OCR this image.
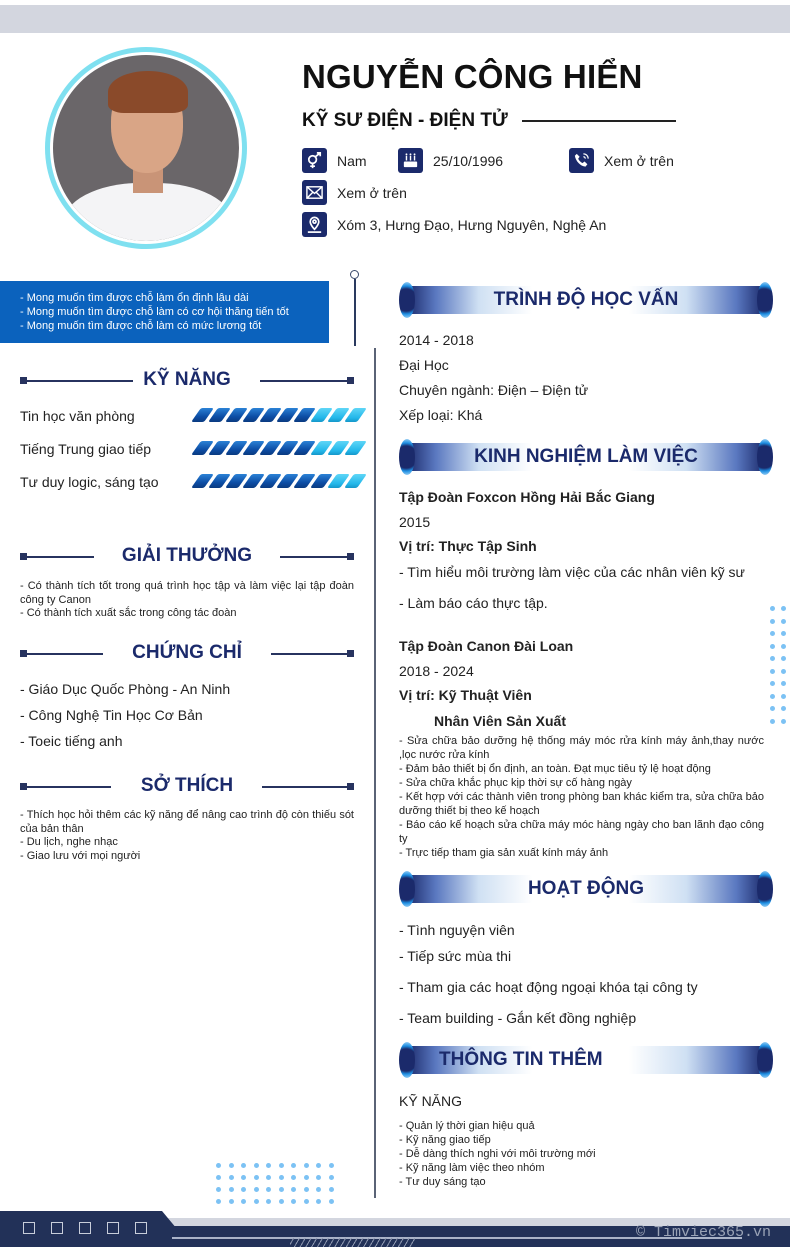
NGUYỄN CÔNG HIỂN
KỸ SƯ ĐIỆN - ĐIỆN TỬ
Nam	25/10/1996	Xem ở trên
Xem ở trên
Xóm 3, Hưng Đạo, Hưng Nguyên, Nghệ An
- Mong muốn tìm được chỗ làm ổn định lâu dài
- Mong muốn tìm được chỗ làm có cơ hội thăng tiến tốt
- Mong muốn tìm được chỗ làm có mức lương tốt
KỸ NĂNG
Tin học văn phòng
Tiếng Trung giao tiếp
Tư duy logic, sáng tạo
GIẢI THƯỞNG
- Có thành tích tốt trong quá trình học tập và làm việc lại tập đoàn công ty Canon
- Có thành tích xuất sắc trong công tác đoàn
CHỨNG CHỈ
- Giáo Dục Quốc Phòng - An Ninh
- Công Nghệ Tin Học Cơ Bản
- Toeic tiếng anh
SỞ THÍCH
- Thích học hỏi thêm các kỹ năng để nâng cao trình độ còn thiếu sót của bản thân
- Du lịch, nghe nhạc
- Giao lưu với mọi người
TRÌNH ĐỘ HỌC VẤN
2014 - 2018
Đại Học
Chuyên ngành: Điện – Điện tử
Xếp loại: Khá
KINH NGHIỆM LÀM VIỆC
Tập Đoàn Foxcon Hồng Hải Bắc Giang
2015
Vị trí: Thực Tập Sinh
- Tìm hiểu môi trường làm việc của các nhân viên kỹ sư
- Làm báo cáo thực tập.
Tập Đoàn Canon Đài Loan
2018 - 2024
Vị trí: Kỹ Thuật Viên
Nhân Viên Sản Xuất
- Sửa chữa bảo dưỡng hệ thống máy móc rửa kính máy ảnh,thay nước ,lọc nước rửa kính
- Đảm bảo thiết bị ổn định, an toàn. Đạt mục tiêu tỷ lệ hoạt động
- Sửa chữa khắc phục kịp thời sự cố hàng ngày
- Kết hợp với các thành viên trong phòng ban khác kiểm tra, sửa chữa bảo dưỡng thiết bị theo kế hoạch
- Báo cáo kế hoạch sửa chữa máy móc hàng ngày cho ban lãnh đạo công ty
- Trực tiếp tham gia sản xuất kính máy ảnh
HOẠT ĐỘNG
- Tình nguyện viên
- Tiếp sức mùa thi
- Tham gia các hoạt động ngoại khóa tại công ty
- Team building - Gắn kết đồng nghiệp
THÔNG TIN THÊM
KỸ NĂNG
- Quản lý thời gian hiệu quả
- Kỹ năng giao tiếp
- Dễ dàng thích nghi với môi trường mới
- Kỹ năng làm việc theo nhóm
- Tư duy sáng tạo
© Timviec365.vn
